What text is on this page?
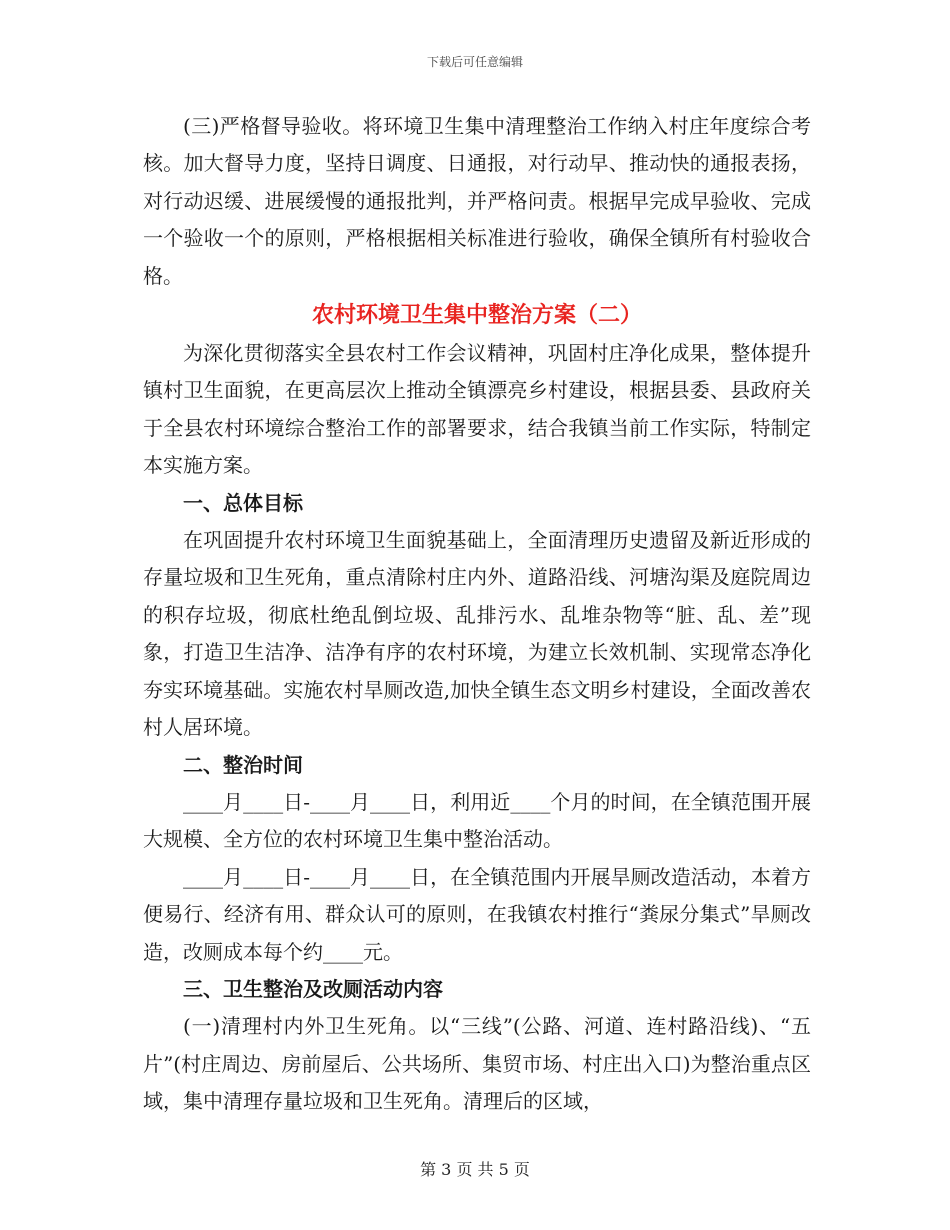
下载后可任意编辑

(三)严格督导验收。将环境卫生集中清理整治工作纳入村庄年度综合考核。加大督导力度，坚持日调度、日通报，对行动早、推动快的通报表扬，对行动迟缓、进展缓慢的通报批判，并严格问责。根据早完成早验收、完成一个验收一个的原则，严格根据相关标准进行验收，确保全镇所有村验收合格。

农村环境卫生集中整治方案（二）

为深化贯彻落实全县农村工作会议精神，巩固村庄净化成果，整体提升镇村卫生面貌，在更高层次上推动全镇漂亮乡村建设，根据县委、县政府关于全县农村环境综合整治工作的部署要求，结合我镇当前工作实际，特制定本实施方案。

一、总体目标

在巩固提升农村环境卫生面貌基础上，全面清理历史遗留及新近形成的存量垃圾和卫生死角，重点清除村庄内外、道路沿线、河塘沟渠及庭院周边的积存垃圾，彻底杜绝乱倒垃圾、乱排污水、乱堆杂物等“脏、乱、差”现象，打造卫生洁净、洁净有序的农村环境，为建立长效机制、实现常态净化夯实环境基础。实施农村旱厕改造,加快全镇生态文明乡村建设，全面改善农村人居环境。

二、整治时间

____月____日-____月____日，利用近____个月的时间，在全镇范围开展大规模、全方位的农村环境卫生集中整治活动。

____月____日-____月____日，在全镇范围内开展旱厕改造活动，本着方便易行、经济有用、群众认可的原则，在我镇农村推行“粪尿分集式”旱厕改造，改厕成本每个约____元。

三、卫生整治及改厕活动内容

(一)清理村内外卫生死角。以“三线”(公路、河道、连村路沿线)、“五片”(村庄周边、房前屋后、公共场所、集贸市场、村庄出入口)为整治重点区域，集中清理存量垃圾和卫生死角。清理后的区域，

第 3 页 共 5 页
